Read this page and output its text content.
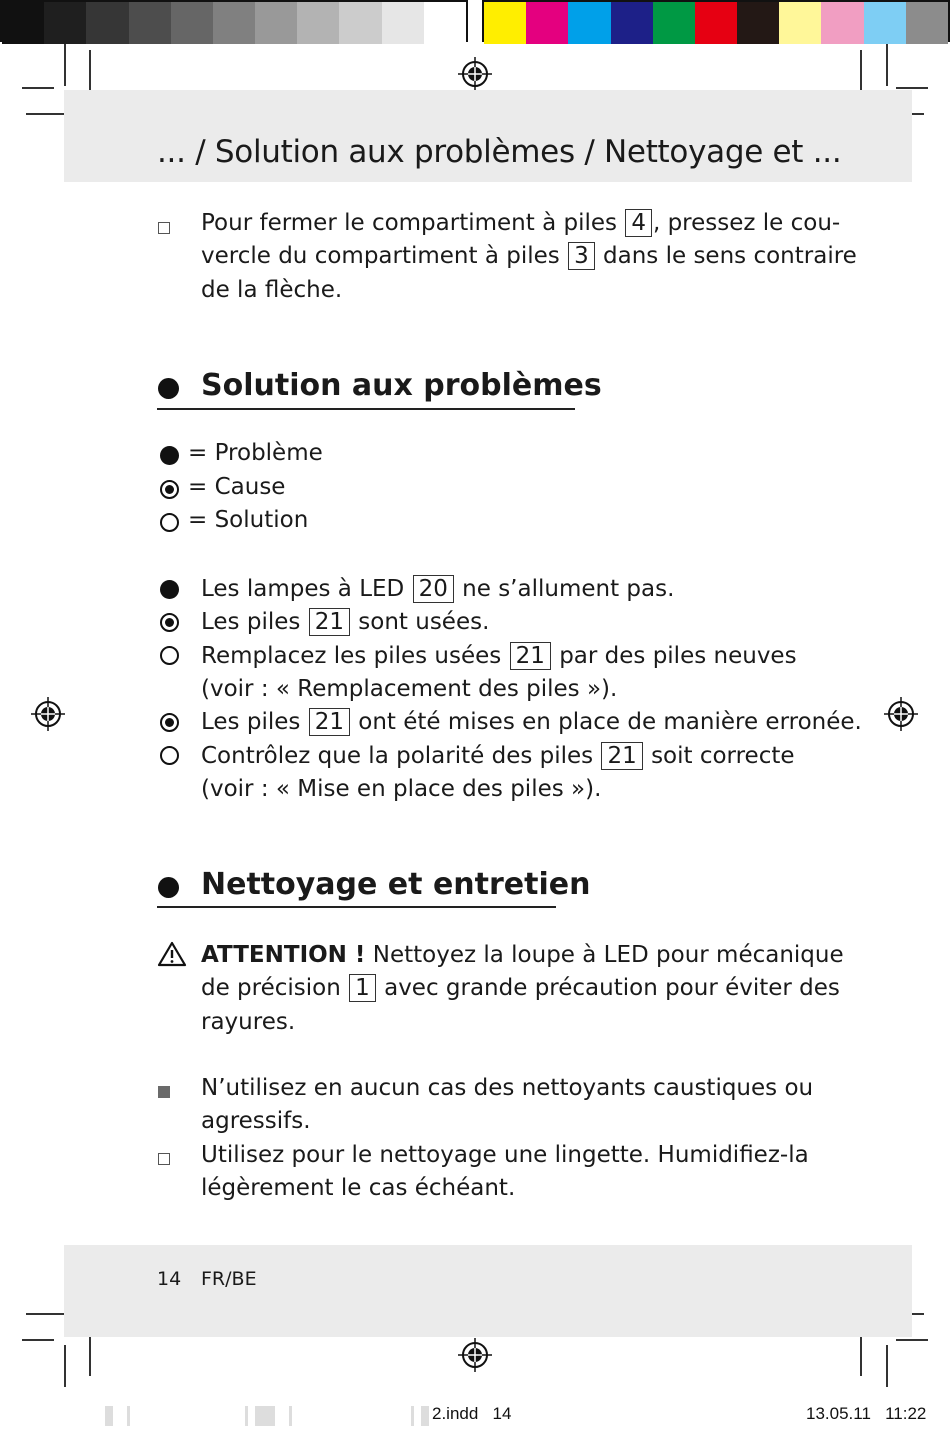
... / Solution aux problèmes / Nettoyage et ...
Pour fermer le compartiment à piles 4 , pressez le cou-
vercle du compartiment à piles 3 dans le sens contraire
de la flèche.
Solution aux problèmes
= Problème
= Cause
= Solution
Les lampes à LED 20 ne s’allument pas.
Les piles 21 sont usées.
Remplacez les piles usées 21 par des piles neuves
(voir : « Remplacement des piles »).
Les piles 21 ont été mises en place de manière erronée.
Contrôlez que la polarité des piles 21 soit correcte
(voir : « Mise en place des piles »).
Nettoyage et entretien
ATTENTION ! Nettoyez la loupe à LED pour mécanique
de précision 1 avec grande précaution pour éviter des
rayures.
N’utilisez en aucun cas des nettoyants caustiques ou
agressifs.
Utilisez pour le nettoyage une lingette. Humidifiez-la
légèrement le cas échéant.
14 FR/BE
2.indd 14	13.05.11 11:22
